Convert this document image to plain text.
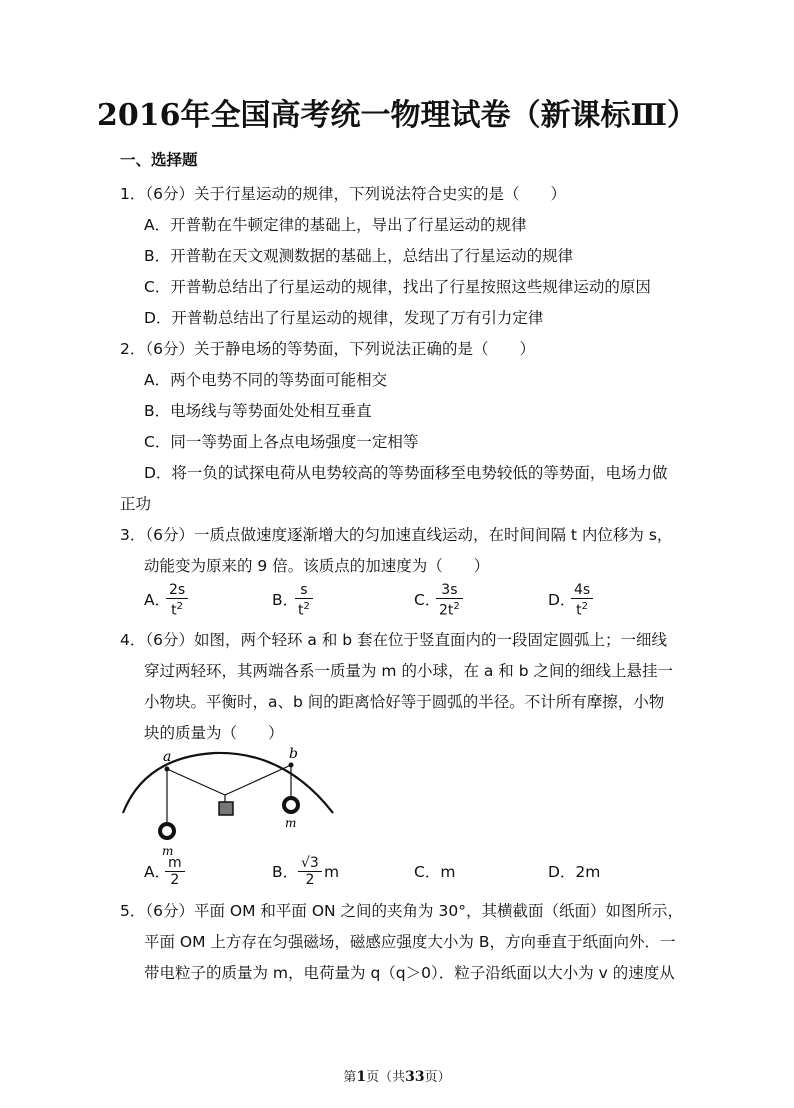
2016年全国高考统一物理试卷（新课标Ⅲ）
一、选择题
1．（6分）关于行星运动的规律，下列说法符合史实的是（　　）
A．开普勒在牛顿定律的基础上，导出了行星运动的规律
B．开普勒在天文观测数据的基础上，总结出了行星运动的规律
C．开普勒总结出了行星运动的规律，找出了行星按照这些规律运动的原因
D．开普勒总结出了行星运动的规律，发现了万有引力定律
2．（6分）关于静电场的等势面，下列说法正确的是（　　）
A．两个电势不同的等势面可能相交
B．电场线与等势面处处相互垂直
C．同一等势面上各点电场强度一定相等
D．将一负的试探电荷从电势较高的等势面移至电势较低的等势面，电场力做
正功
3．（6分）一质点做速度逐渐增大的匀加速直线运动，在时间间隔 t 内位移为 s，
动能变为原来的 9 倍。该质点的加速度为（　　）
A．
$\frac{2s}{t^2}$	B．
$\frac{s}{t^2}$	C．
$\frac{3s}{2t^2}$	D．
$\frac{4s}{t^2}$
4．（6分）如图，两个轻环 a 和 b 套在位于竖直面内的一段固定圆弧上；一细线
穿过两轻环，其两端各系一质量为 m 的小球，在 a 和 b 之间的细线上悬挂一
小物块。平衡时，a、b 间的距离恰好等于圆弧的半径。不计所有摩擦，小物
块的质量为（　　）
a	b
m
m
A．
$\frac{m}{2}$	B． $\frac{√3}{2}$ m	C．m	D．2m
5．（6分）平面 OM 和平面 ON 之间的夹角为 30°，其横截面（纸面）如图所示，
平面 OM 上方存在匀强磁场，磁感应强度大小为 B，方向垂直于纸面向外．一
带电粒子的质量为 m，电荷量为 q（q＞0）．粒子沿纸面以大小为 v 的速度从
第1页（共33页）
